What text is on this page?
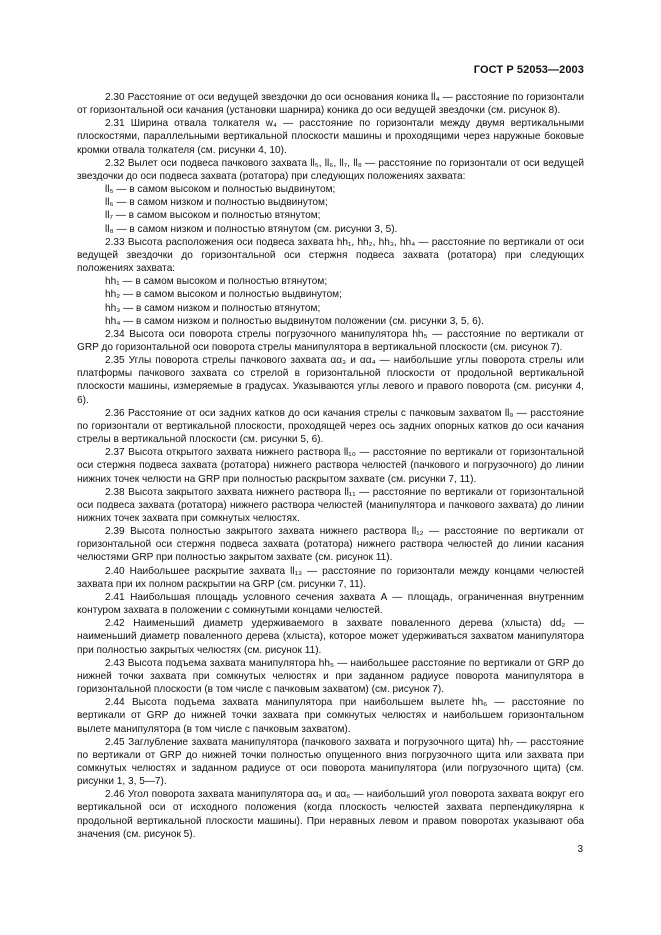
ГОСТ Р 52053—2003

2.30 Расстояние от оси ведущей звездочки до оси основания коника ll₄ — расстояние по горизонтали от горизонтальной оси качания (установки шарнира) коника до оси ведущей звездочки (см. рисунок 8).

2.31 Ширина отвала толкателя w₄ — расстояние по горизонтали между двумя вертикальными плоскостями, параллельными вертикальной плоскости машины и проходящими через наружные боковые кромки отвала толкателя (см. рисунки 4, 10).

2.32 Вылет оси подвеса пачкового захвата ll₅, ll₆, ll₇, ll₈ — расстояние по горизонтали от оси ведущей звездочки до оси подвеса захвата (ротатора) при следующих положениях захвата:

ll₅ — в самом высоком и полностью выдвинутом;

ll₆ — в самом низком и полностью выдвинутом;

ll₇ — в самом высоком и полностью втянутом;

ll₈ — в самом низком и полностью втянутом (см. рисунки 3, 5).

2.33 Высота расположения оси подвеса захвата hh₁, hh₂, hh₃, hh₄ — расстояние по вертикали от оси ведущей звездочки до горизонтальной оси стержня подвеса захвата (ротатора) при следующих положениях захвата:

hh₁ — в самом высоком и полностью втянутом;

hh₂ — в самом высоком и полностью выдвинутом;

hh₃ — в самом низком и полностью втянутом;

hh₄ — в самом низком и полностью выдвинутом положении (см. рисунки 3, 5, 6).

2.34 Высота оси поворота стрелы погрузочного манипулятора hh₅ — расстояние по вертикали от GRP до горизонтальной оси поворота стрелы манипулятора в вертикальной плоскости (см. рисунок 7).

2.35 Углы поворота стрелы пачкового захвата αα₃ и αα₄ — наибольшие углы поворота стрелы или платформы пачкового захвата со стрелой в горизонтальной плоскости от продольной вертикальной плоскости машины, измеряемые в градусах. Указываются углы левого и правого поворота (см. рисунки 4, 6).

2.36 Расстояние от оси задних катков до оси качания стрелы с пачковым захватом ll₉ — расстояние по горизонтали от вертикальной плоскости, проходящей через ось задних опорных катков до оси качания стрелы в вертикальной плоскости (см. рисунки 5, 6).

2.37 Высота открытого захвата нижнего раствора ll₁₀ — расстояние по вертикали от горизонтальной оси стержня подвеса захвата (ротатора) нижнего раствора челюстей (пачкового и погрузочного) до линии нижних точек челюсти на GRP при полностью раскрытом захвате (см. рисунки 7, 11).

2.38 Высота закрытого захвата нижнего раствора ll₁₁ — расстояние по вертикали от горизонтальной оси подвеса захвата (ротатора) нижнего раствора челюстей (манипулятора и пачкового захвата) до линии нижних точек захвата при сомкнутых челюстях.

2.39 Высота полностью закрытого захвата нижнего раствора ll₁₂ — расстояние по вертикали от горизонтальной оси стержня подвеса захвата (ротатора) нижнего раствора челюстей до линии касания челюстями GRP при полностью закрытом захвате (см. рисунок 11).

2.40 Наибольшее раскрытие захвата ll₁₃ — расстояние по горизонтали между концами челюстей захвата при их полном раскрытии на GRP (см. рисунки 7, 11).

2.41 Наибольшая площадь условного сечения захвата A — площадь, ограниченная внутренним контуром захвата в положении с сомкнутыми концами челюстей.

2.42 Наименьший диаметр удерживаемого в захвате поваленного дерева (хлыста) dd₂ — наименьший диаметр поваленного дерева (хлыста), которое может удерживаться захватом манипулятора при полностью закрытых челюстях (см. рисунок 11).

2.43 Высота подъема захвата манипулятора hh₅ — наибольшее расстояние по вертикали от GRP до нижней точки захвата при сомкнутых челюстях и при заданном радиусе поворота манипулятора в горизонтальной плоскости (в том числе с пачковым захватом) (см. рисунок 7).

2.44 Высота подъема захвата манипулятора при наибольшем вылете hh₆ — расстояние по вертикали от GRP до нижней точки захвата при сомкнутых челюстях и наибольшем горизонтальном вылете манипулятора (в том числе с пачковым захватом).

2.45 Заглубление захвата манипулятора (пачкового захвата и погрузочного щита) hh₇ — расстояние по вертикали от GRP до нижней точки полностью опущенного вниз погрузочного щита или захвата при сомкнутых челюстях и заданном радиусе от оси поворота манипулятора (или погрузочного щита) (см. рисунки 1, 3, 5—7).

2.46 Угол поворота захвата манипулятора αα₅ и αα₆ — наибольший угол поворота захвата вокруг его вертикальной оси от исходного положения (когда плоскость челюстей захвата перпендикулярна к продольной вертикальной плоскости машины). При неравных левом и правом поворотах указывают оба значения (см. рисунок 5).

3
